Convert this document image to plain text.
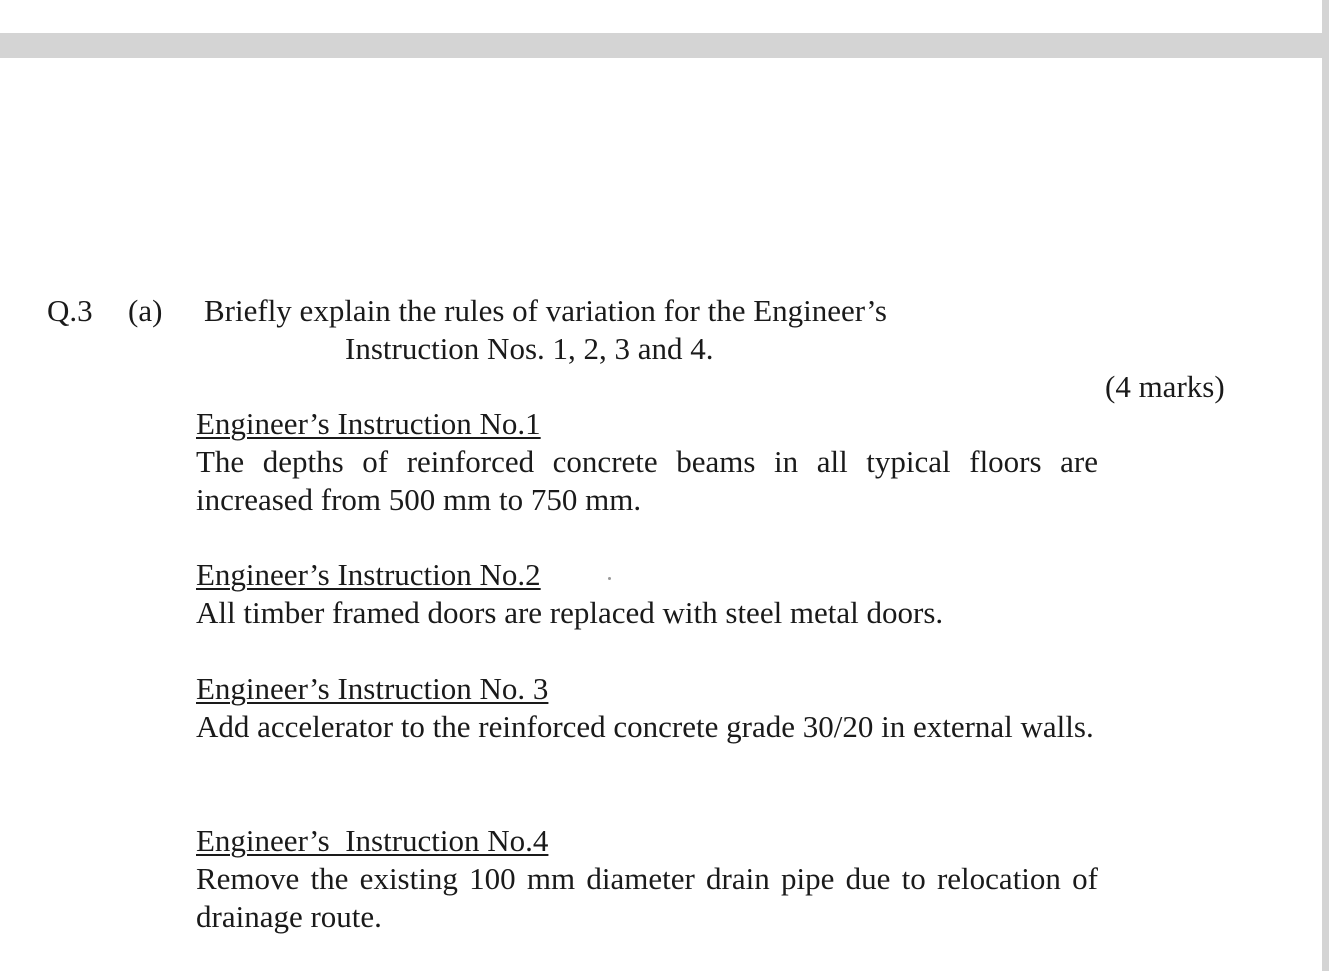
Q.3 (a) Briefly explain the rules of variation for the Engineer’s

Instruction Nos. 1, 2, 3 and 4.

(4 marks)

Engineer’s Instruction No.1

The depths of reinforced concrete beams in all typical floors are increased from 500 mm to 750 mm.

Engineer’s Instruction No.2

All timber framed doors are replaced with steel metal doors.

Engineer’s Instruction No. 3

Add accelerator to the reinforced concrete grade 30/20 in external walls.

Engineer’s  Instruction No.4

Remove the existing 100 mm diameter drain pipe due to relocation of drainage route.
